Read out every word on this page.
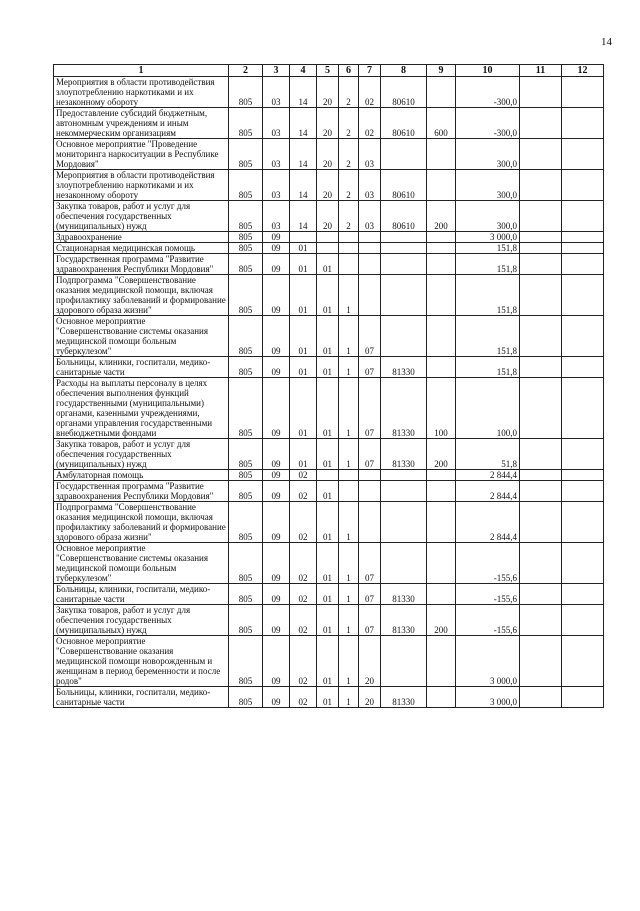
14
1	2	3	4	5	6	7	8	9	10	11	12
Мероприятия в области противодействия злоупотреблению наркотиками и их незаконному обороту	805	03	14	20	2	02	80610		-300,0		
Предоставление субсидий бюджетным, автономным учреждениям и иным некоммерческим организациям	805	03	14	20	2	02	80610	600	-300,0		
Основное мероприятие "Проведение мониторинга наркоситуации в Республике Мордовия"	805	03	14	20	2	03			300,0		
Мероприятия в области противодействия злоупотреблению наркотиками и их незаконному обороту	805	03	14	20	2	03	80610		300,0		
Закупка товаров, работ и услуг для обеспечения государственных (муниципальных) нужд	805	03	14	20	2	03	80610	200	300,0		
Здравоохранение	805	09							3 000,0		
Стационарная медицинская помощь	805	09	01						151,8		
Государственная программа "Развитие здравоохранения Республики Мордовия"	805	09	01	01					151,8		
Подпрограмма "Совершенствование оказания медицинской помощи, включая профилактику заболеваний и формирование здорового образа жизни"	805	09	01	01	1				151,8		
Основное мероприятие "Совершенствование системы оказания медицинской помощи больным туберкулезом"	805	09	01	01	1	07			151,8		
Больницы, клиники, госпитали, медико-санитарные части	805	09	01	01	1	07	81330		151,8		
Расходы на выплаты персоналу в целях обеспечения выполнения функций государственными (муниципальными) органами, казенными учреждениями, органами управления государственными внебюджетными фондами	805	09	01	01	1	07	81330	100	100,0		
Закупка товаров, работ и услуг для обеспечения государственных (муниципальных) нужд	805	09	01	01	1	07	81330	200	51,8		
Амбулаторная помощь	805	09	02						2 844,4		
Государственная программа "Развитие здравоохранения Республики Мордовия"	805	09	02	01					2 844,4		
Подпрограмма "Совершенствование оказания медицинской помощи, включая профилактику заболеваний и формирование здорового образа жизни"	805	09	02	01	1				2 844,4		
Основное мероприятие "Совершенствование системы оказания медицинской помощи больным туберкулезом"	805	09	02	01	1	07			-155,6		
Больницы, клиники, госпитали, медико-санитарные части	805	09	02	01	1	07	81330		-155,6		
Закупка товаров, работ и услуг для обеспечения государственных (муниципальных) нужд	805	09	02	01	1	07	81330	200	-155,6		
Основное мероприятие "Совершенствование оказания медицинской помощи новорожденным и женщинам в период беременности и после родов"	805	09	02	01	1	20			3 000,0		
Больницы, клиники, госпитали, медико-санитарные части	805	09	02	01	1	20	81330		3 000,0		
